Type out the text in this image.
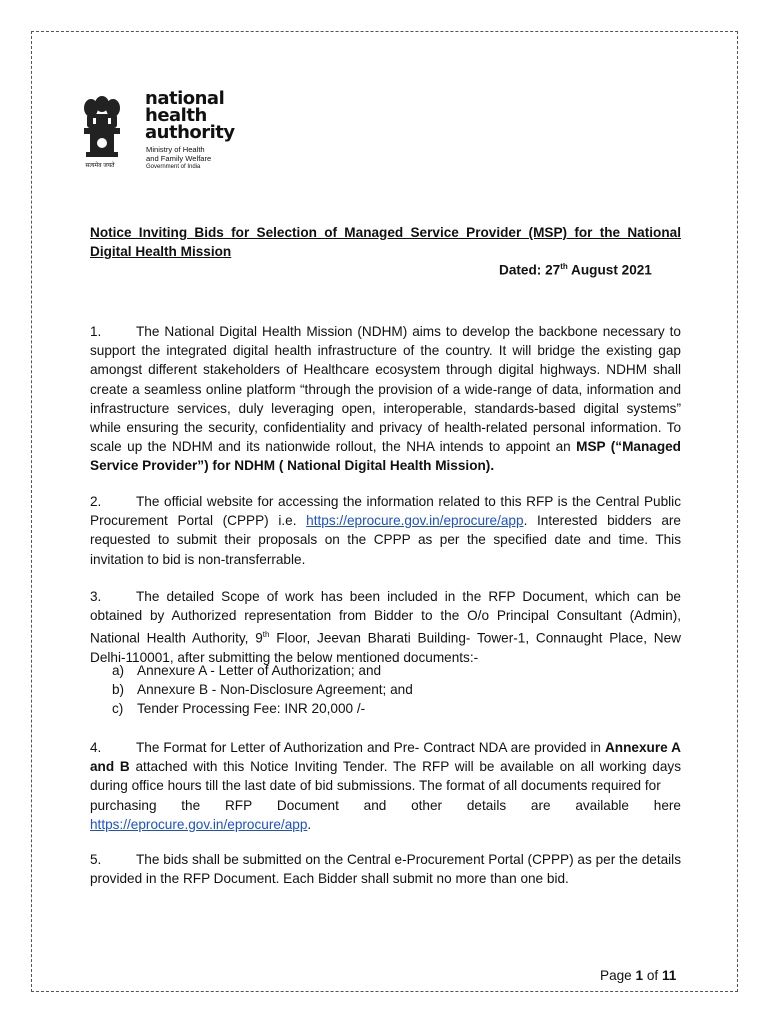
सत्यमेव जयते
national
health
authority
Ministry of Health
and Family Welfare
Government of India
Notice Inviting Bids for Selection of Managed Service Provider (MSP) for the National Digital Health Mission
Dated: 27th August 2021
1.	The National Digital Health Mission (NDHM) aims to develop the backbone necessary to support the integrated digital health infrastructure of the country. It will bridge the existing gap amongst different stakeholders of Healthcare ecosystem through digital highways. NDHM shall create a seamless online platform “through the provision of a wide-range of data, information and infrastructure services, duly leveraging open, interoperable, standards-based digital systems” while ensuring the security, confidentiality and privacy of health-related personal information. To scale up the NDHM and its nationwide rollout, the NHA intends to appoint an MSP (“Managed Service Provider”) for NDHM ( National Digital Health Mission).
2.	The official website for accessing the information related to this RFP is the Central Public Procurement Portal (CPPP) i.e. https://eprocure.gov.in/eprocure/app. Interested bidders are requested to submit their proposals on the CPPP as per the specified date and time. This invitation to bid is non-transferrable.
3.	The detailed Scope of work has been included in the RFP Document, which can be obtained by Authorized representation from Bidder to the O/o Principal Consultant (Admin), National Health Authority, 9th Floor, Jeevan Bharati Building- Tower-1, Connaught Place, New Delhi-110001, after submitting the below mentioned documents:-
a) Annexure A - Letter of Authorization; and
b) Annexure B - Non-Disclosure Agreement; and
c) Tender Processing Fee: INR 20,000 /-
4.	The Format for Letter of Authorization and Pre- Contract NDA are provided in Annexure A and B attached with this Notice Inviting Tender. The RFP will be available on all working days during office hours till the last date of bid submissions. The format of all documents required for
purchasing the RFP Document and other details are available here
https://eprocure.gov.in/eprocure/app.
5.	The bids shall be submitted on the Central e-Procurement Portal (CPPP) as per the details provided in the RFP Document. Each Bidder shall submit no more than one bid.
Page 1 of 11
